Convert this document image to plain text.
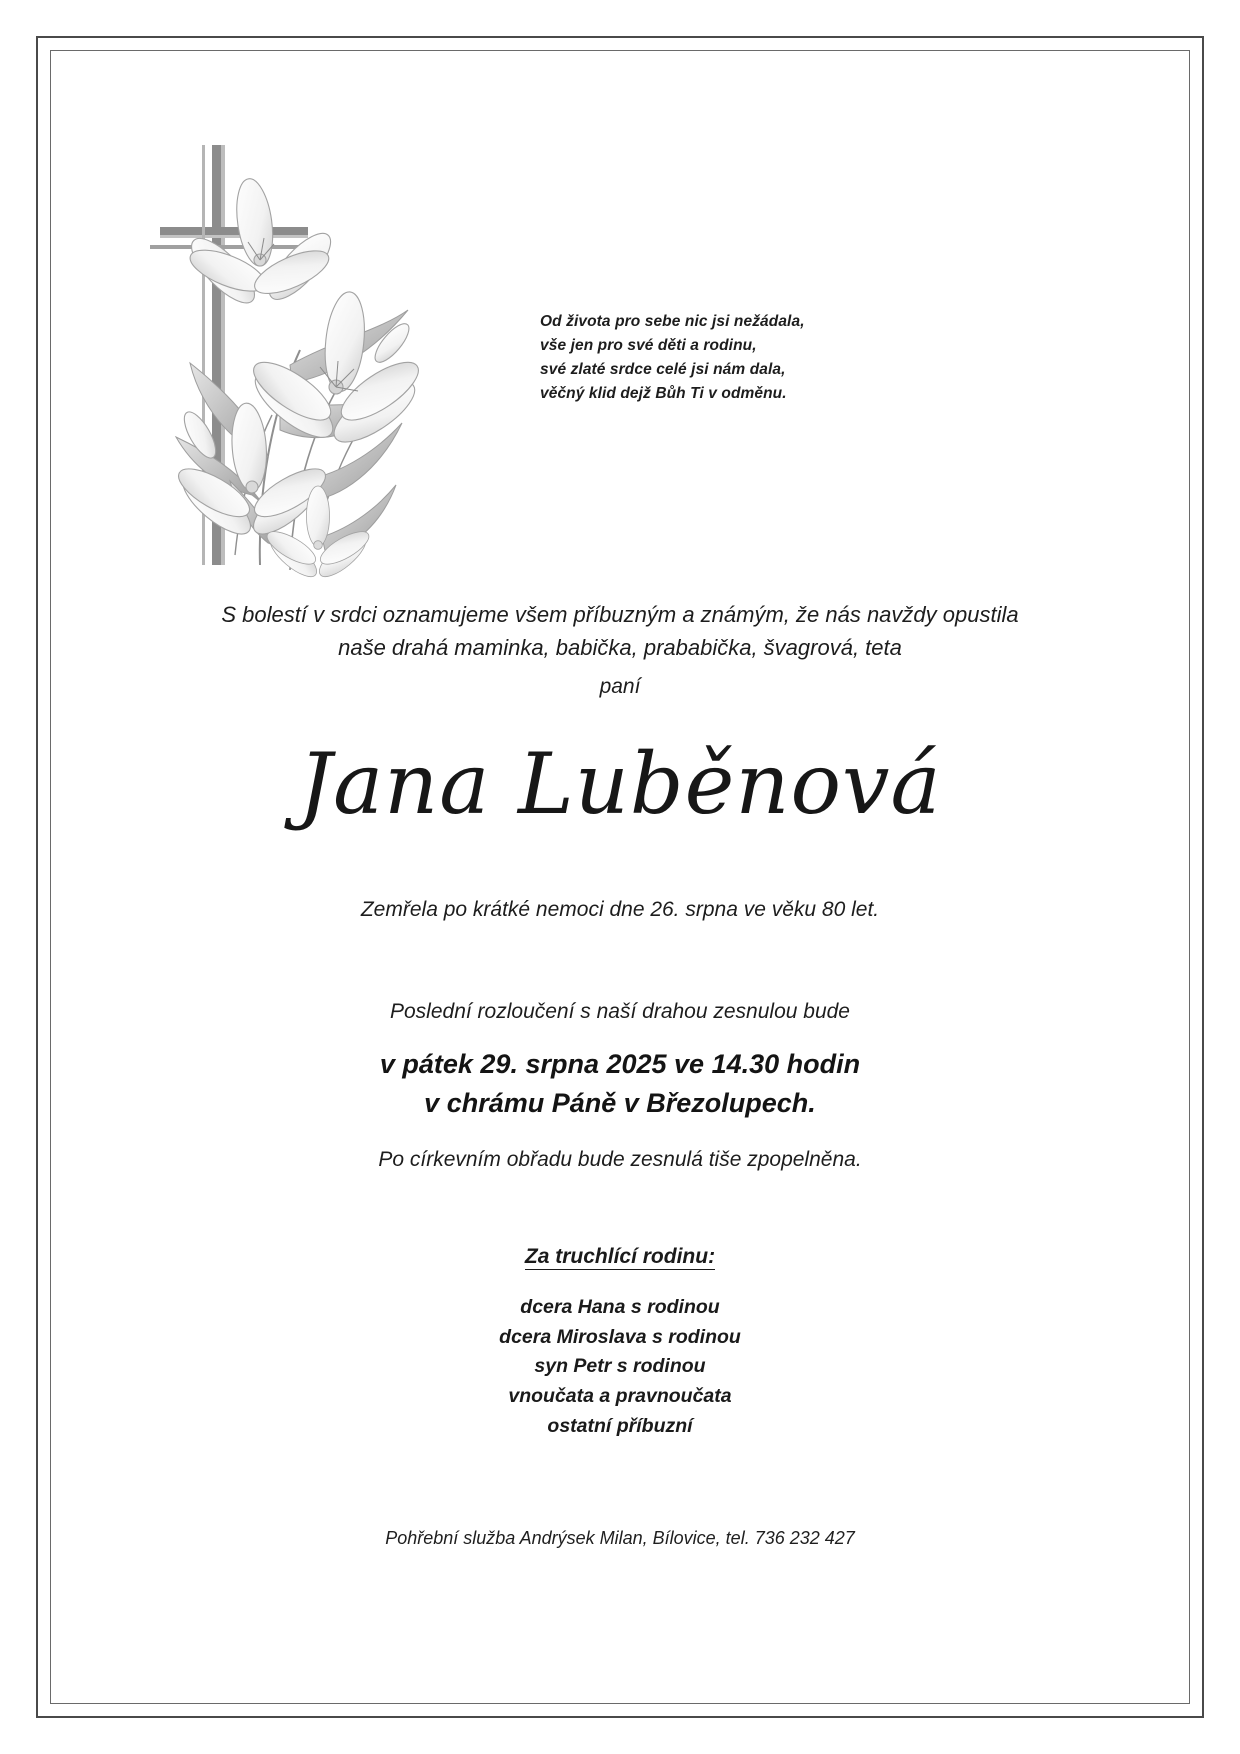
Od života pro sebe nic jsi nežádala,
vše jen pro své děti a rodinu,
své zlaté srdce celé jsi nám dala,
věčný klid dejž Bůh Ti v odměnu.
S bolestí v srdci oznamujeme všem příbuzným a známým, že nás navždy opustila
naše drahá maminka, babička, prababička, švagrová, teta
paní
Jana Luběnová
Zemřela po krátké nemoci dne 26. srpna ve věku 80 let.
Poslední rozloučení s naší drahou zesnulou bude
v pátek 29. srpna 2025 ve 14.30 hodin
v chrámu Páně v Březolupech.
Po církevním obřadu bude zesnulá tiše zpopelněna.
Za truchlící rodinu:
dcera Hana s rodinou
dcera Miroslava s rodinou
syn Petr s rodinou
vnoučata a pravnoučata
ostatní příbuzní
Pohřební služba Andrýsek Milan, Bílovice, tel. 736 232 427
